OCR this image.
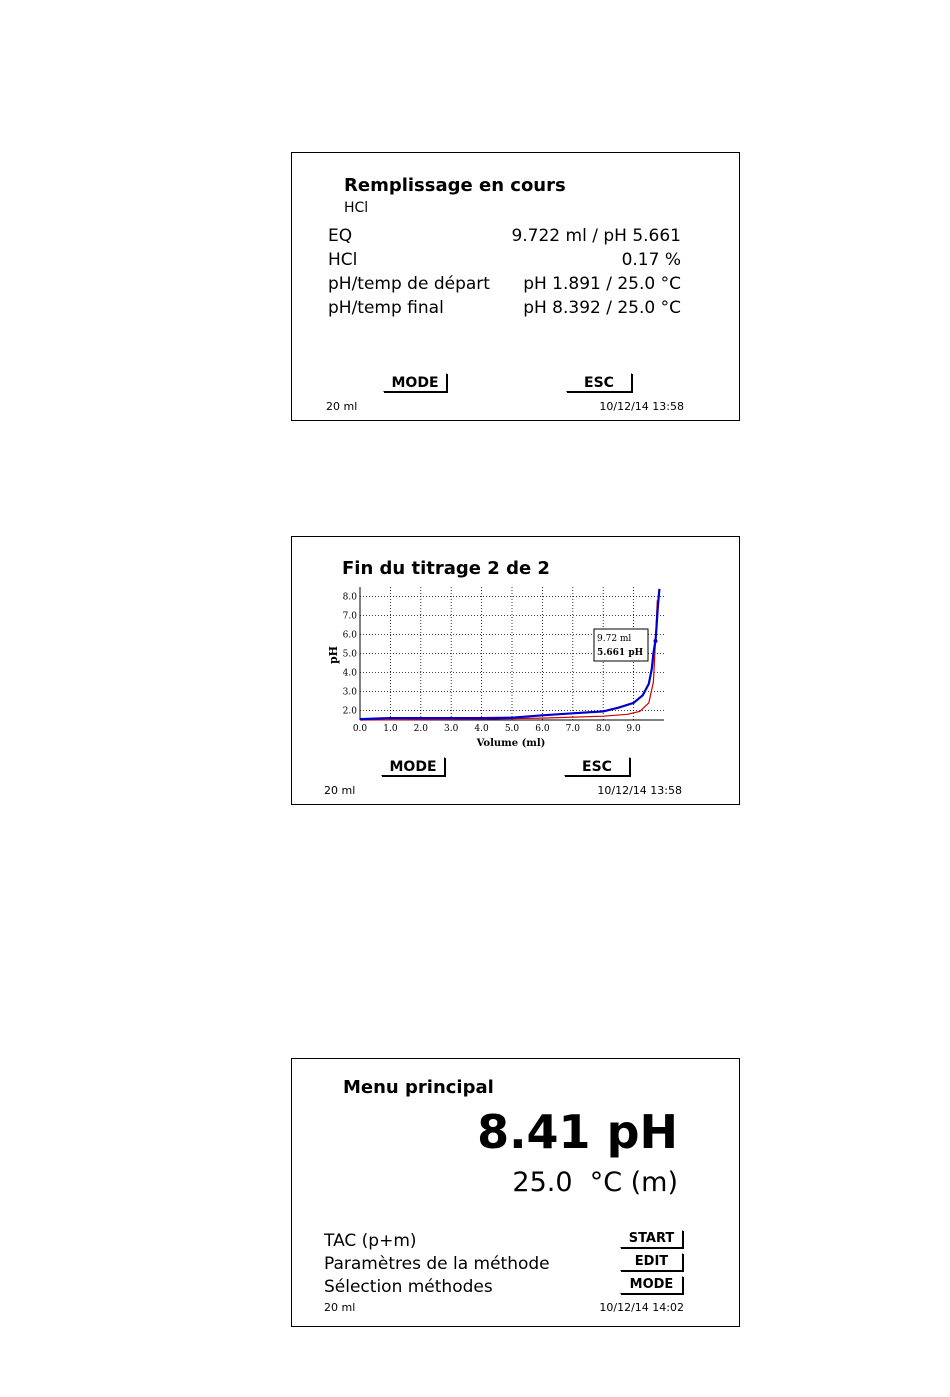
Remplissage en cours
HCl
EQ	9.722 ml / pH 5.661
HCl	0.17 %
pH/temp de départ pH 1.891 / 25.0 °C
pH/temp final	pH 8.392 / 25.0 °C
MODE	ESC
20 ml	10/12/14 13:58
Fin du titrage 2 de 2
2.0
3.0
4.0
5.0
6.0
7.0
8.0
0.0 1.0 2.0 3.0 4.0 5.0 6.0 7.0 8.0 9.0
pH
Volume (ml)
9.72 ml
5.661 pH
MODE	ESC
20 ml	10/12/14 13:58
Menu principal
8.41 pH
25.0  °C (m)
TAC (p+m)	START
Paramètres de la méthode	EDIT
Sélection méthodes	MODE
20 ml	10/12/14 14:02
